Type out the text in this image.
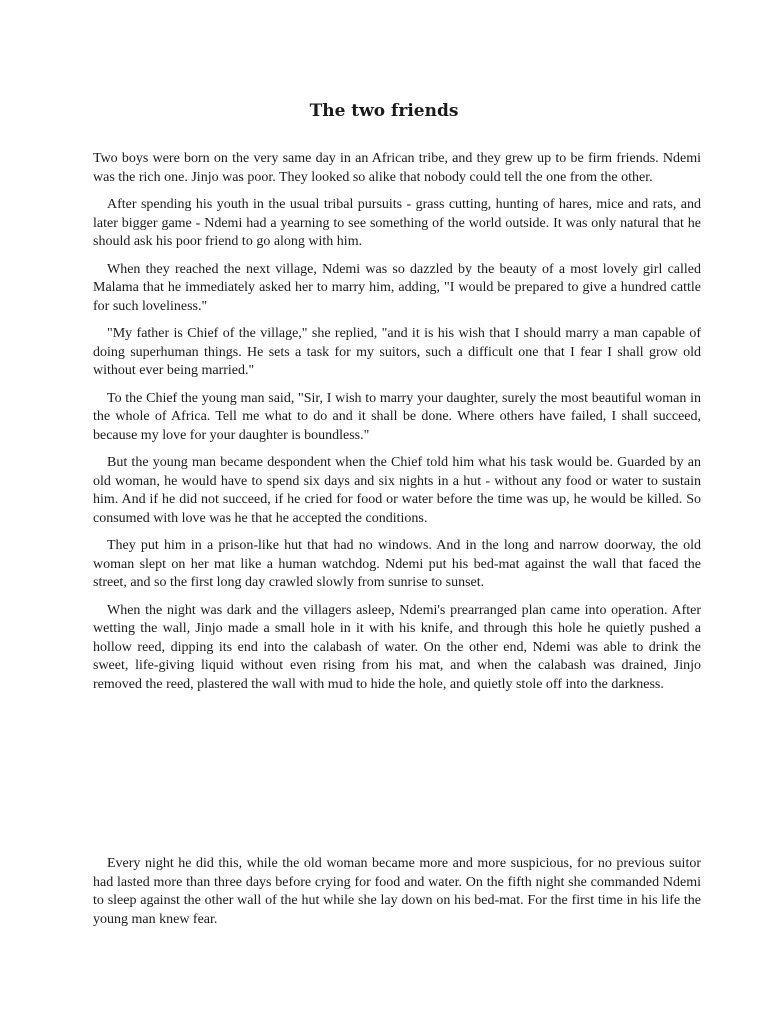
The two friends

Two boys were born on the very same day in an African tribe, and they grew up to be firm friends. Ndemi was the rich one. Jinjo was poor. They looked so alike that nobody could tell the one from the other.

After spending his youth in the usual tribal pursuits - grass cutting, hunting of hares, mice and rats, and later bigger game - Ndemi had a yearning to see something of the world outside. It was only natural that he should ask his poor friend to go along with him.

When they reached the next village, Ndemi was so dazzled by the beauty of a most lovely girl called Malama that he immediately asked her to marry him, adding, "I would be prepared to give a hundred cattle for such loveliness."

"My father is Chief of the village," she replied, "and it is his wish that I should marry a man capable of doing superhuman things. He sets a task for my suitors, such a difficult one that I fear I shall grow old without ever being married."

To the Chief the young man said, "Sir, I wish to marry your daughter, surely the most beautiful woman in the whole of Africa. Tell me what to do and it shall be done. Where others have failed, I shall succeed, because my love for your daughter is boundless."

But the young man became despondent when the Chief told him what his task would be. Guarded by an old woman, he would have to spend six days and six nights in a hut - without any food or water to sustain him. And if he did not succeed, if he cried for food or water before the time was up, he would be killed. So consumed with love was he that he accepted the conditions.

They put him in a prison-like hut that had no windows. And in the long and narrow doorway, the old woman slept on her mat like a human watchdog. Ndemi put his bed-mat against the wall that faced the street, and so the first long day crawled slowly from sunrise to sunset.

When the night was dark and the villagers asleep, Ndemi's prearranged plan came into operation. After wetting the wall, Jinjo made a small hole in it with his knife, and through this hole he quietly pushed a hollow reed, dipping its end into the calabash of water. On the other end, Ndemi was able to drink the sweet, life-giving liquid without even rising from his mat, and when the calabash was drained, Jinjo removed the reed, plastered the wall with mud to hide the hole, and quietly stole off into the darkness.

Every night he did this, while the old woman became more and more suspicious, for no previous suitor had lasted more than three days before crying for food and water. On the fifth night she commanded Ndemi to sleep against the other wall of the hut while she lay down on his bed-mat. For the first time in his life the young man knew fear.
